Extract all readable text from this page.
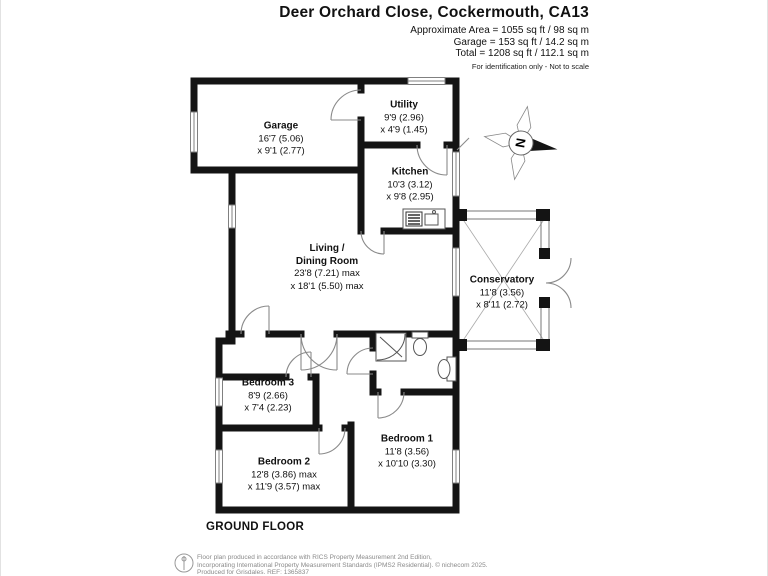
Deer Orchard Close, Cockermouth, CA13
Approximate Area = 1055 sq ft / 98 sq m
Garage = 153 sq ft / 14.2 sq m
Total = 1208 sq ft / 112.1 sq m
For identification only - Not to scale
N
Garage
16'7 (5.06)
x 9'1 (2.77)
Utility
9'9 (2.96)
x 4'9 (1.45)
Kitchen
10'3 (3.12)
x 9'8 (2.95)
Living /
Dining Room
23'8 (7.21) max
x 18'1 (5.50) max
Conservatory
11'8 (3.56)
x 8'11 (2.72)
Bedroom 3
8'9 (2.66)
x 7'4 (2.23)
Bedroom 2
12'8 (3.86) max
x 11'9 (3.57) max
Bedroom 1
11'8 (3.56)
x 10'10 (3.30)
GROUND FLOOR
Floor plan produced in accordance with RICS Property Measurement 2nd Edition,
Incorporating International Property Measurement Standards (IPMS2 Residential). © nichecom 2025.
Produced for Grisdales. REF: 1365837
